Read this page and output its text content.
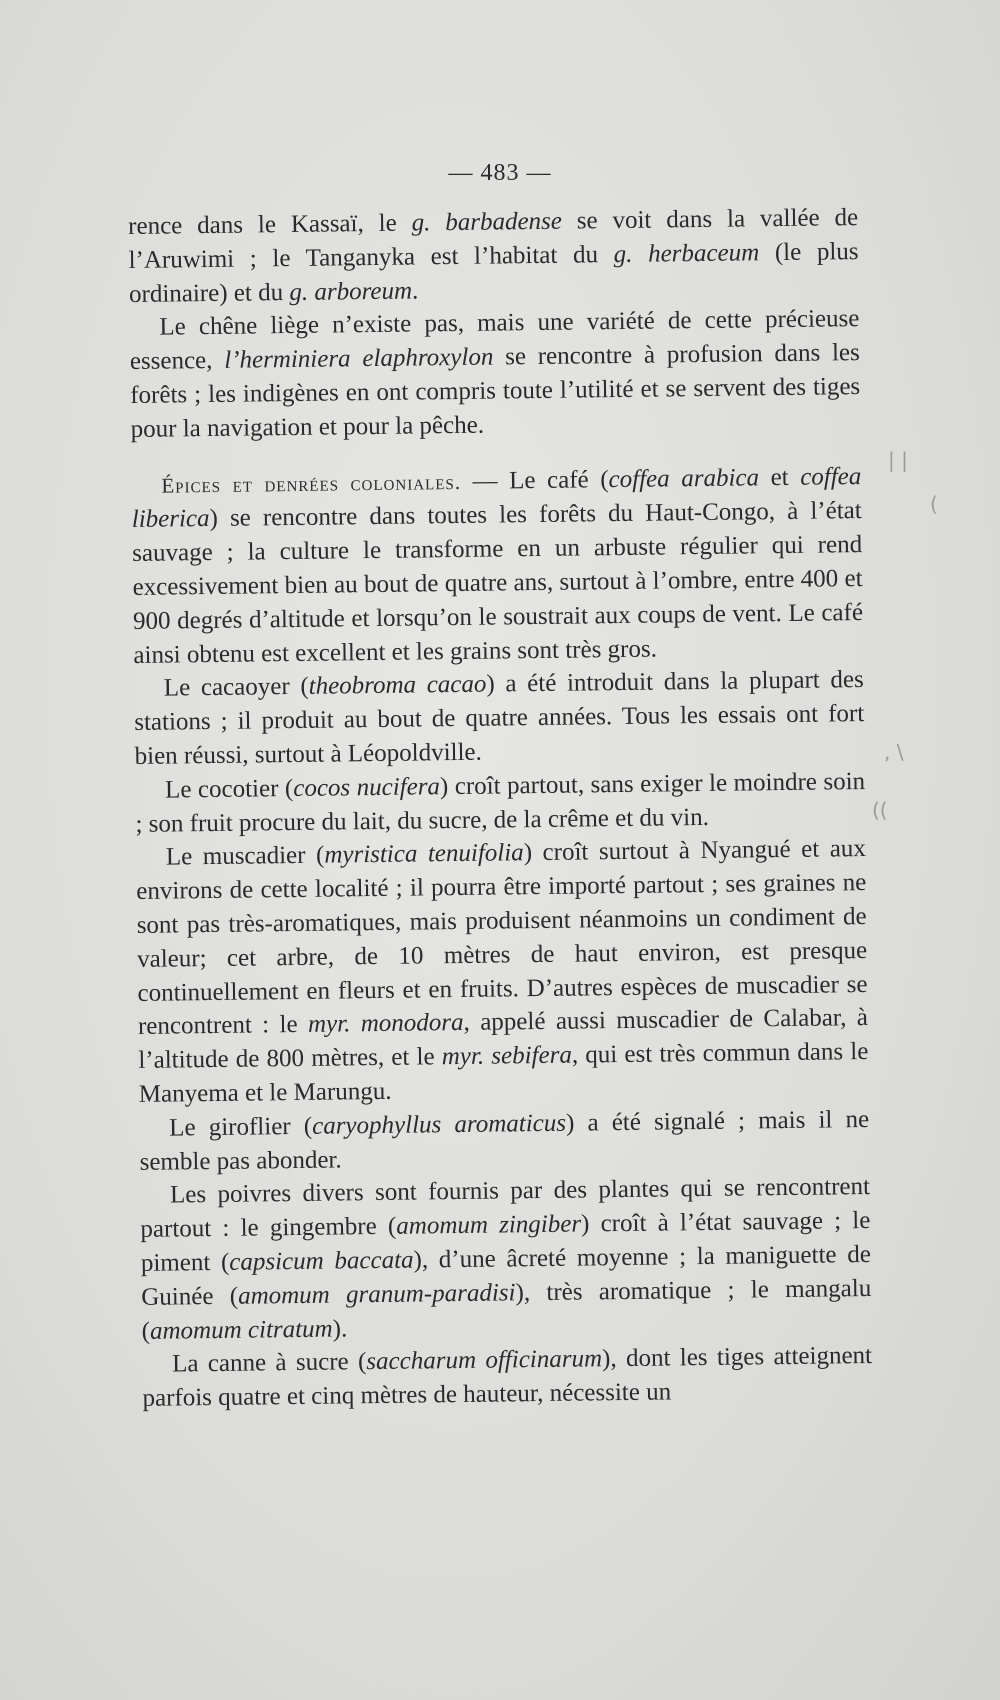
— 483 —

rence dans le Kassaï, le g. barbadense se voit dans la vallée de l’Aruwimi ; le Tanganyka est l’habitat du g. herbaceum (le plus ordinaire) et du g. arboreum.

Le chêne liège n’existe pas, mais une variété de cette précieuse essence, l’herminiera elaphroxylon se rencontre à profusion dans les forêts ; les indigènes en ont compris toute l’utilité et se servent des tiges pour la navigation et pour la pêche.

Épices et denrées coloniales. — Le café (coffea arabica et coffea liberica) se rencontre dans toutes les forêts du Haut-Congo, à l’état sauvage ; la culture le transforme en un arbuste régulier qui rend excessivement bien au bout de quatre ans, surtout à l’ombre, entre 400 et 900 degrés d’altitude et lorsqu’on le soustrait aux coups de vent. Le café ainsi obtenu est excellent et les grains sont très gros.

Le cacaoyer (theobroma cacao) a été introduit dans la plupart des stations ; il produit au bout de quatre années. Tous les essais ont fort bien réussi, surtout à Léopoldville.

Le cocotier (cocos nucifera) croît partout, sans exiger le moindre soin ; son fruit procure du lait, du sucre, de la crême et du vin.

Le muscadier (myristica tenuifolia) croît surtout à Nyangué et aux environs de cette localité ; il pourra être importé partout ; ses graines ne sont pas très-aromatiques, mais produisent néanmoins un condiment de valeur; cet arbre, de 10 mètres de haut environ, est presque continuellement en fleurs et en fruits. D’autres espèces de muscadier se rencontrent : le myr. monodora, appelé aussi muscadier de Calabar, à l’altitude de 800 mètres, et le myr. sebifera, qui est très commun dans le Manyema et le Marungu.

Le giroflier (caryophyllus aromaticus) a été signalé ; mais il ne semble pas abonder.

Les poivres divers sont fournis par des plantes qui se rencontrent partout : le gingembre (amomum zingiber) croît à l’état sauvage ; le piment (capsicum baccata), d’une âcreté moyenne ; la maniguette de Guinée (amomum granum-paradisi), très aromatique ; le mangalu (amomum citratum).

La canne à sucre (saccharum officinarum), dont les tiges atteignent parfois quatre et cinq mètres de hauteur, nécessite un

| |
(
, \
((
